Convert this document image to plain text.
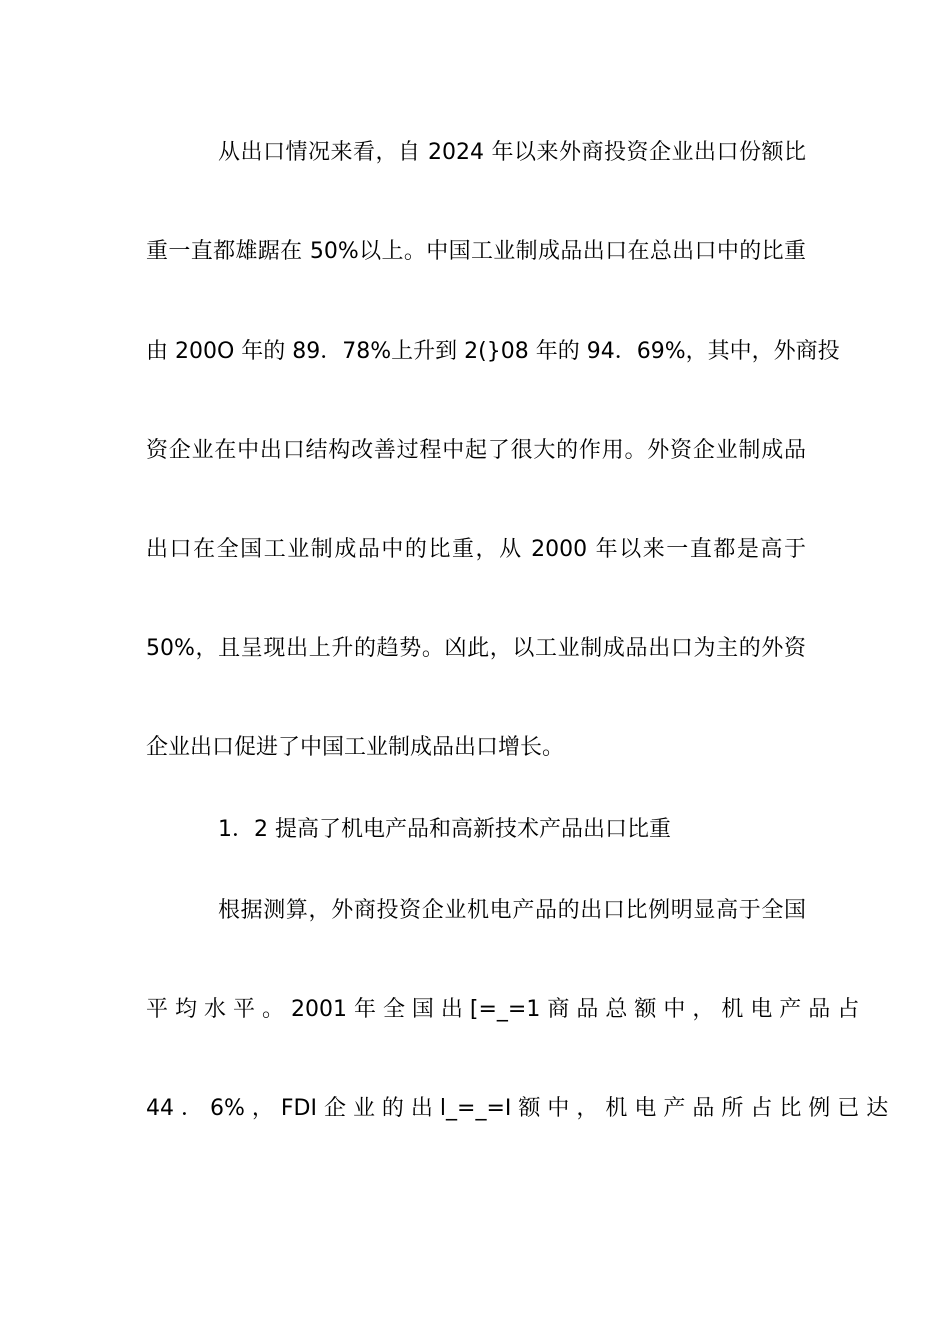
从出口情况来看，自 2024 年以来外商投资企业出口份额比
重一直都雄踞在 50%以上。中国工业制成品出口在总出口中的比重
由 200O 年的 89．78%上升到 2(}08 年的 94．69%，其中，外商投
资企业在中出口结构改善过程中起了很大的作用。外资企业制成品
出口在全国工业制成品中的比重，从 2000 年以来一直都是高于
50%，且呈现出上升的趋势。凶此，以工业制成品出口为主的外资
企业出口促进了中国工业制成品出口增长。
1．2 提高了机电产品和高新技术产品出口比重
根据测算，外商投资企业机电产品的出口比例明显高于全国
平 均 水 平 。 2001 年 全 国 出 [=_=1 商 品 总 额 中 ， 机 电 产 品 占
44 ． 6% ， FDI 企 业 的 出 l_=_=I 额 中 ， 机 电 产 品 所 占 比 例 已 达
